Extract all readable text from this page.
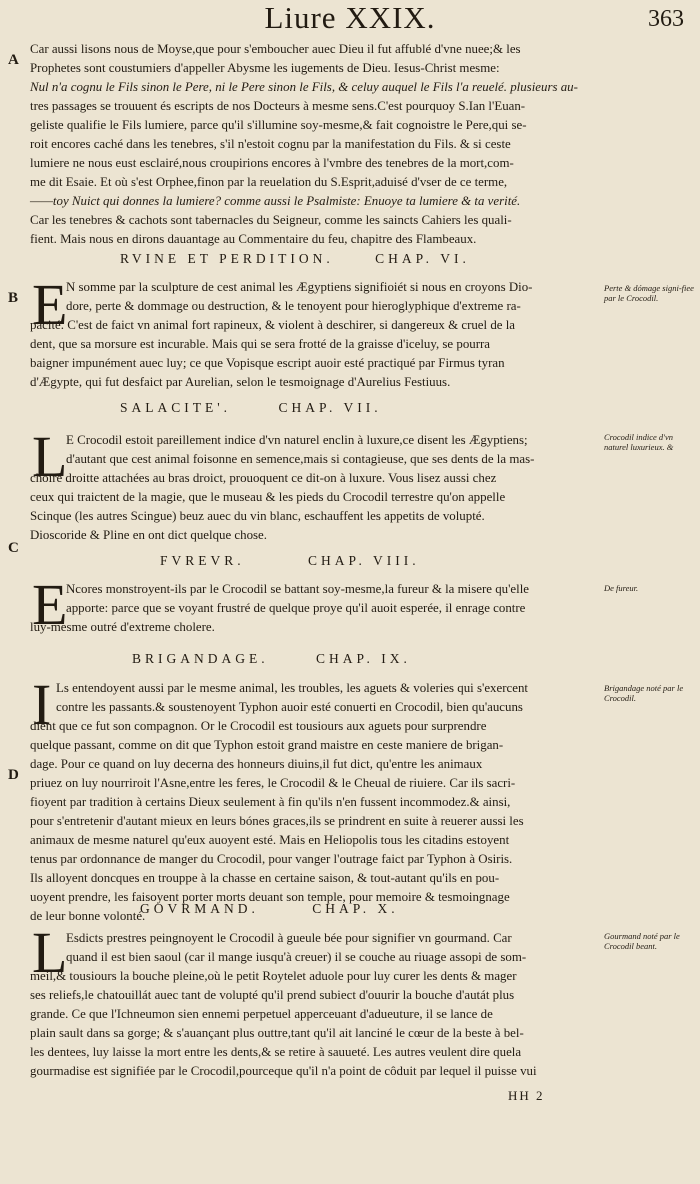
Liure XXIX.	363
A
B
C
D
Car aussi lisons nous de Moyse,que pour s'emboucher auec Dieu il fut affublé d'vne nuee;& les
Prophetes sont coustumiers d'appeller Abysme les iugements de Dieu. Iesus-Christ mesme:
Nul n'a cognu le Fils sinon le Pere, ni le Pere sinon le Fils, & celuy auquel le Fils l'a reuelé. plusieurs au-
tres passages se trouuent és escripts de nos Docteurs à mesme sens.C'est pourquoy S.Ian l'Euan-
geliste qualifie le Fils lumiere, parce qu'il s'illumine soy-mesme,& fait cognoistre le Pere,qui se-
roit encores caché dans les tenebres, s'il n'estoit cognu par la manifestation du Fils. & si ceste
lumiere ne nous eust esclairé,nous croupirions encores à l'vmbre des tenebres de la mort,com-
me dit Esaie. Et où s'est Orphee,finon par la reuelation du S.Esprit,aduisé d'vser de ce terme,
——toy Nuict qui donnes la lumiere? comme aussi le Psalmiste: Enuoye ta lumiere & ta verité.
Car les tenebres & cachots sont tabernacles du Seigneur, comme les saincts Cahiers les quali-
fient. Mais nous en dirons dauantage au Commentaire du feu, chapitre des Flambeaux.
RVINE ET PERDITION.	CHAP. VI.
E
N somme par la sculpture de cest animal les Ægyptiens signifioiét si nous en croyons Dio-
dore, perte & dommage ou destruction, & le tenoyent pour hieroglyphique d'extreme ra-
pacité. C'est de faict vn animal fort rapineux, & violent à deschirer, si dangereux & cruel de la
dent, que sa morsure est incurable. Mais qui se sera frotté de la graisse d'iceluy, se pourra
baigner impunément auec luy; ce que Vopisque escript auoir esté practiqué par Firmus tyran
d'Ægypte, qui fut desfaict par Aurelian, selon le tesmoignage d'Aurelius Festiuus.
Perte & dómage signi-fiee par le Crocodil.
SALACITE'.	CHAP. VII.
L
E Crocodil estoit pareillement indice d'vn naturel enclin à luxure,ce disent les Ægyptiens;
d'autant que cest animal foisonne en semence,mais si contagieuse, que ses dents de la mas-
choire droitte attachées au bras droict, prouoquent ce dit-on à luxure. Vous lisez aussi chez
ceux qui traictent de la magie, que le museau & les pieds du Crocodil terrestre qu'on appelle
Scinque (les autres Scingue) beuz auec du vin blanc, eschauffent les appetits de volupté.
Dioscoride & Pline en ont dict quelque chose.
Crocodil indice d'vn naturel luxurieux. &
FVREVR.	CHAP. VIII.
E
Ncores monstroyent-ils par le Crocodil se battant soy-mesme,la fureur & la misere qu'elle
apporte: parce que se voyant frustré de quelque proye qu'il auoit esperée, il enrage contre
luy-mesme outré d'extreme cholere.
De fureur.
BRIGANDAGE.	CHAP. IX.
I Ls entendoyent aussi par le mesme animal, les troubles, les aguets & voleries qui s'exercent
contre les passants.& soustenoyent Typhon auoir esté conuerti en Crocodil, bien qu'aucuns
dient que ce fut son compagnon. Or le Crocodil est tousiours aux aguets pour surprendre
quelque passant, comme on dit que Typhon estoit grand maistre en ceste maniere de brigan-
dage. Pour ce quand on luy decerna des honneurs diuins,il fut dict, qu'entre les animaux
priuez on luy nourriroit l'Asne,entre les feres, le Crocodil & le Cheual de riuiere. Car ils sacri-
fioyent par tradition à certains Dieux seulement à fin qu'ils n'en fussent incommodez.& ainsi,
pour s'entretenir d'autant mieux en leurs bónes graces,ils se prindrent en suite à reuerer aussi les
animaux de mesme naturel qu'eux auoyent esté. Mais en Heliopolis tous les citadins estoyent
tenus par ordonnance de manger du Crocodil, pour vanger l'outrage faict par Typhon à Osiris.
Ils alloyent doncques en trouppe à la chasse en certaine saison, & tout-autant qu'ils en pou-
uoyent prendre, les faisoyent porter morts deuant son temple, pour memoire & tesmoingnage
de leur bonne volonté.
Brigandage noté par le Crocodil.
GOVRMAND.	CHAP. X.
L
Esdicts prestres peingnoyent le Crocodil à gueule bée pour signifier vn gourmand. Car
quand il est bien saoul (car il mange iusqu'à creuer) il se couche au riuage assopi de som-
meil,& tousiours la bouche pleine,où le petit Roytelet aduole pour luy curer les dents & mager
ses reliefs,le chatouillát auec tant de volupté qu'il prend subiect d'ouurir la bouche d'autát plus
grande. Ce que l'Ichneumon sien ennemi perpetuel apperceuant d'adueuture, il se lance de
plain sault dans sa gorge; & s'auançant plus outtre,tant qu'il ait lanciné le cœur de la beste à bel-
les dentees, luy laisse la mort entre les dents,& se retire à sauueté. Les autres veulent dire quela
gourmadise est signifiée par le Crocodil,pourceque qu'il n'a point de côduit par lequel il puisse vui
Gourmand noté par le Crocodil beant.
HH 2
